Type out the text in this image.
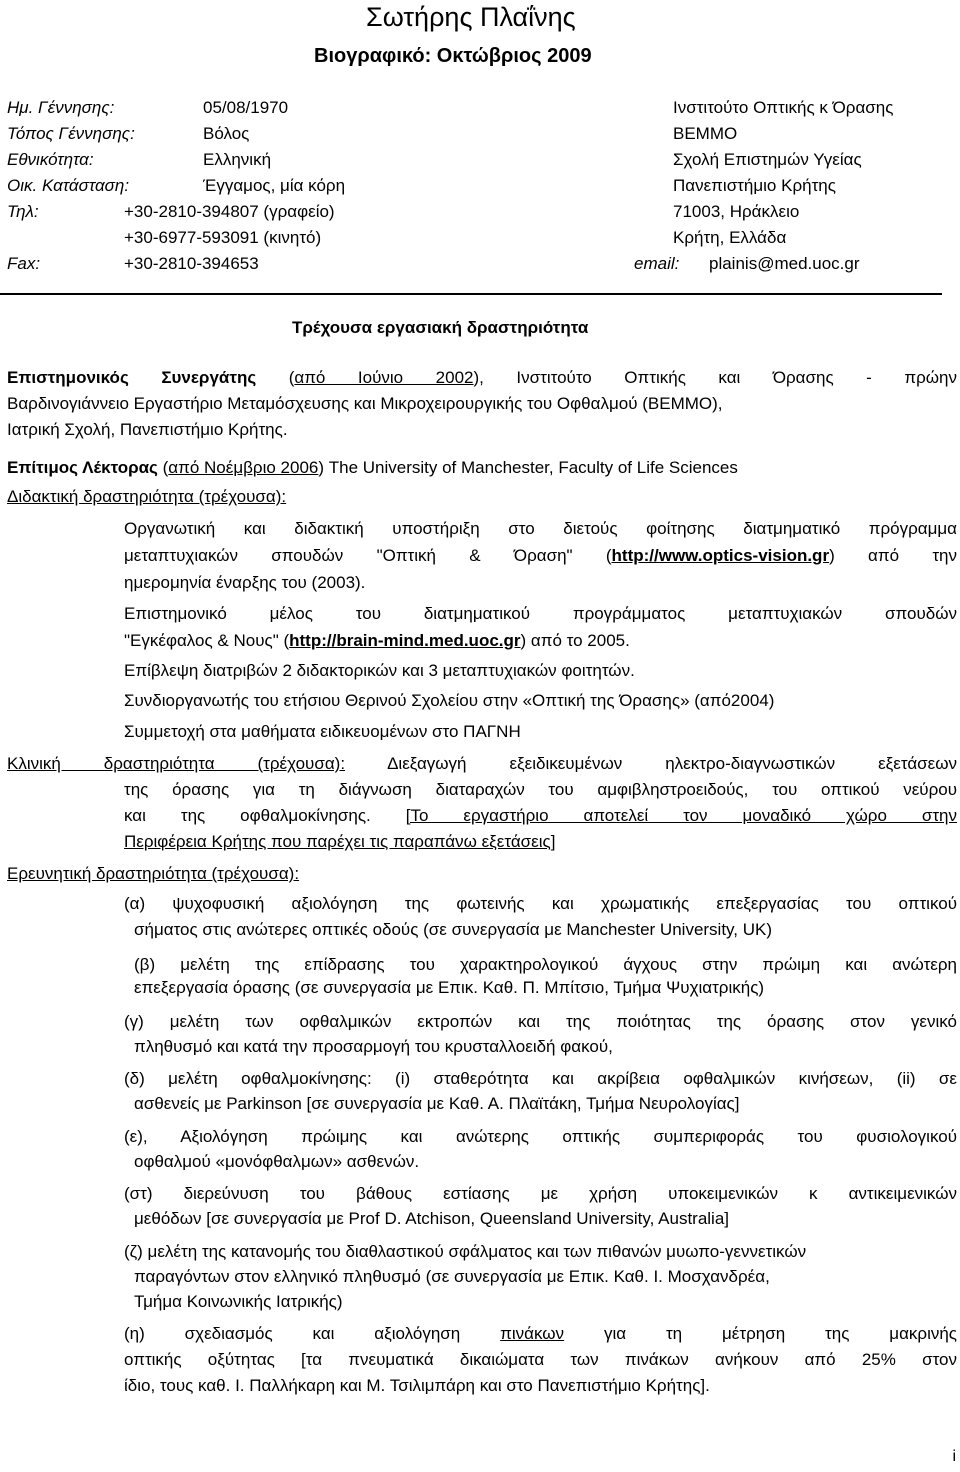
Σωτήρης Πλαΐνης
Βιογραφικό: Οκτώβριος 2009
Ημ. Γέννησης:	05/08/1970
Τόπος Γέννησης:	Βόλος
Εθνικότητα:	Ελληνική
Οικ. Κατάσταση:	Έγγαμος, μία κόρη
Τηλ:	+30-2810-394807 (γραφείο)
+30-6977-593091 (κινητό)
Fax:	+30-2810-394653
Ινστιτούτο Οπτικής κ Όρασης
ΒΕΜΜΟ
Σχολή Επιστημών Υγείας
Πανεπιστήμιο Κρήτης
71003, Ηράκλειο
Κρήτη, Ελλάδα
email: plainis@med.uoc.gr
Τρέχουσα εργασιακή δραστηριότητα
Επιστημονικός Συνεργάτης (από Ιούνιο 2002), Ινστιτούτο Οπτικής και Όρασης - πρώην
Βαρδινογιάννειο Εργαστήριο Μεταμόσχευσης και Μικροχειρουργικής του Οφθαλμού (ΒΕΜΜΟ),
Ιατρική Σχολή, Πανεπιστήμιο Κρήτης.
Επίτιμος Λέκτορας (από Νοέμβριο 2006) The University of Manchester, Faculty of Life Sciences
Διδακτική δραστηριότητα (τρέχουσα):
Οργανωτική και διδακτική υποστήριξη στο διετούς φοίτησης διατμηματικό πρόγραμμα
μεταπτυχιακών σπουδών "Οπτική & Όραση" (http://www.optics-vision.gr) από την
ημερομηνία έναρξης του (2003).
Επιστημονικό μέλος του διατμηματικού προγράμματος μεταπτυχιακών σπουδών
"Εγκέφαλος & Νους" (http://brain-mind.med.uoc.gr) από το 2005.
Επίβλεψη διατριβών 2 διδακτορικών και 3 μεταπτυχιακών φοιτητών.
Συνδιοργανωτής του ετήσιου Θερινού Σχολείου στην «Οπτική της Όρασης» (από2004)
Συμμετοχή στα μαθήματα ειδικευομένων στο ΠΑΓΝΗ
Κλινική δραστηριότητα (τρέχουσα): Διεξαγωγή εξειδικευμένων ηλεκτρο-διαγνωστικών εξετάσεων
της όρασης για τη διάγνωση διαταραχών του αμφιβληστροειδούς, του οπτικού νεύρου
και της οφθαλμοκίνησης. [Το εργαστήριο αποτελεί τον μοναδικό χώρο στην
Περιφέρεια Κρήτης που παρέχει τις παραπάνω εξετάσεις]
Ερευνητική δραστηριότητα (τρέχουσα):
(α) ψυχοφυσική αξιολόγηση της φωτεινής και χρωματικής επεξεργασίας του οπτικού
σήματος στις ανώτερες οπτικές οδούς (σε συνεργασία με Manchester University, UK)
(β) μελέτη της επίδρασης του χαρακτηρολογικού άγχους στην πρώιμη και ανώτερη
επεξεργασία όρασης (σε συνεργασία με Επικ. Καθ. Π. Μπίτσιο, Τμήμα Ψυχιατρικής)
(γ) μελέτη των οφθαλμικών εκτροπών και της ποιότητας της όρασης στον γενικό
πληθυσμό και κατά την προσαρμογή του κρυσταλλοειδή φακού,
(δ) μελέτη οφθαλμοκίνησης: (i) σταθερότητα και ακρίβεια οφθαλμικών κινήσεων, (ii) σε
ασθενείς με Parkinson [σε συνεργασία με Καθ. Α. Πλαϊτάκη, Τμήμα Νευρολογίας]
(ε), Αξιολόγηση πρώιμης και ανώτερης οπτικής συμπεριφοράς του φυσιολογικού
οφθαλμού «μονόφθαλμων» ασθενών.
(στ) διερεύνυση του βάθους εστίασης με χρήση υποκειμενικών κ αντικειμενικών
μεθόδων [σε συνεργασία με Prof D. Atchison, Queensland University, Australia]
(ζ) μελέτη της κατανομής του διαθλαστικού σφάλματος και των πιθανών μυωπο-γεννετικών
παραγόντων στον ελληνικό πληθυσμό (σε συνεργασία με Επικ. Καθ. Ι. Μοσχανδρέα,
Τμήμα Κοινωνικής Ιατρικής)
(η) σχεδιασμός και αξιολόγηση πινάκων για τη μέτρηση της μακρινής
οπτικής οξύτητας [τα πνευματικά δικαιώματα των πινάκων ανήκουν από 25% στον
ίδιο, τους καθ. Ι. Παλλήκαρη και Μ. Τσιλιμπάρη και στο Πανεπιστήμιο Κρήτης].
i
